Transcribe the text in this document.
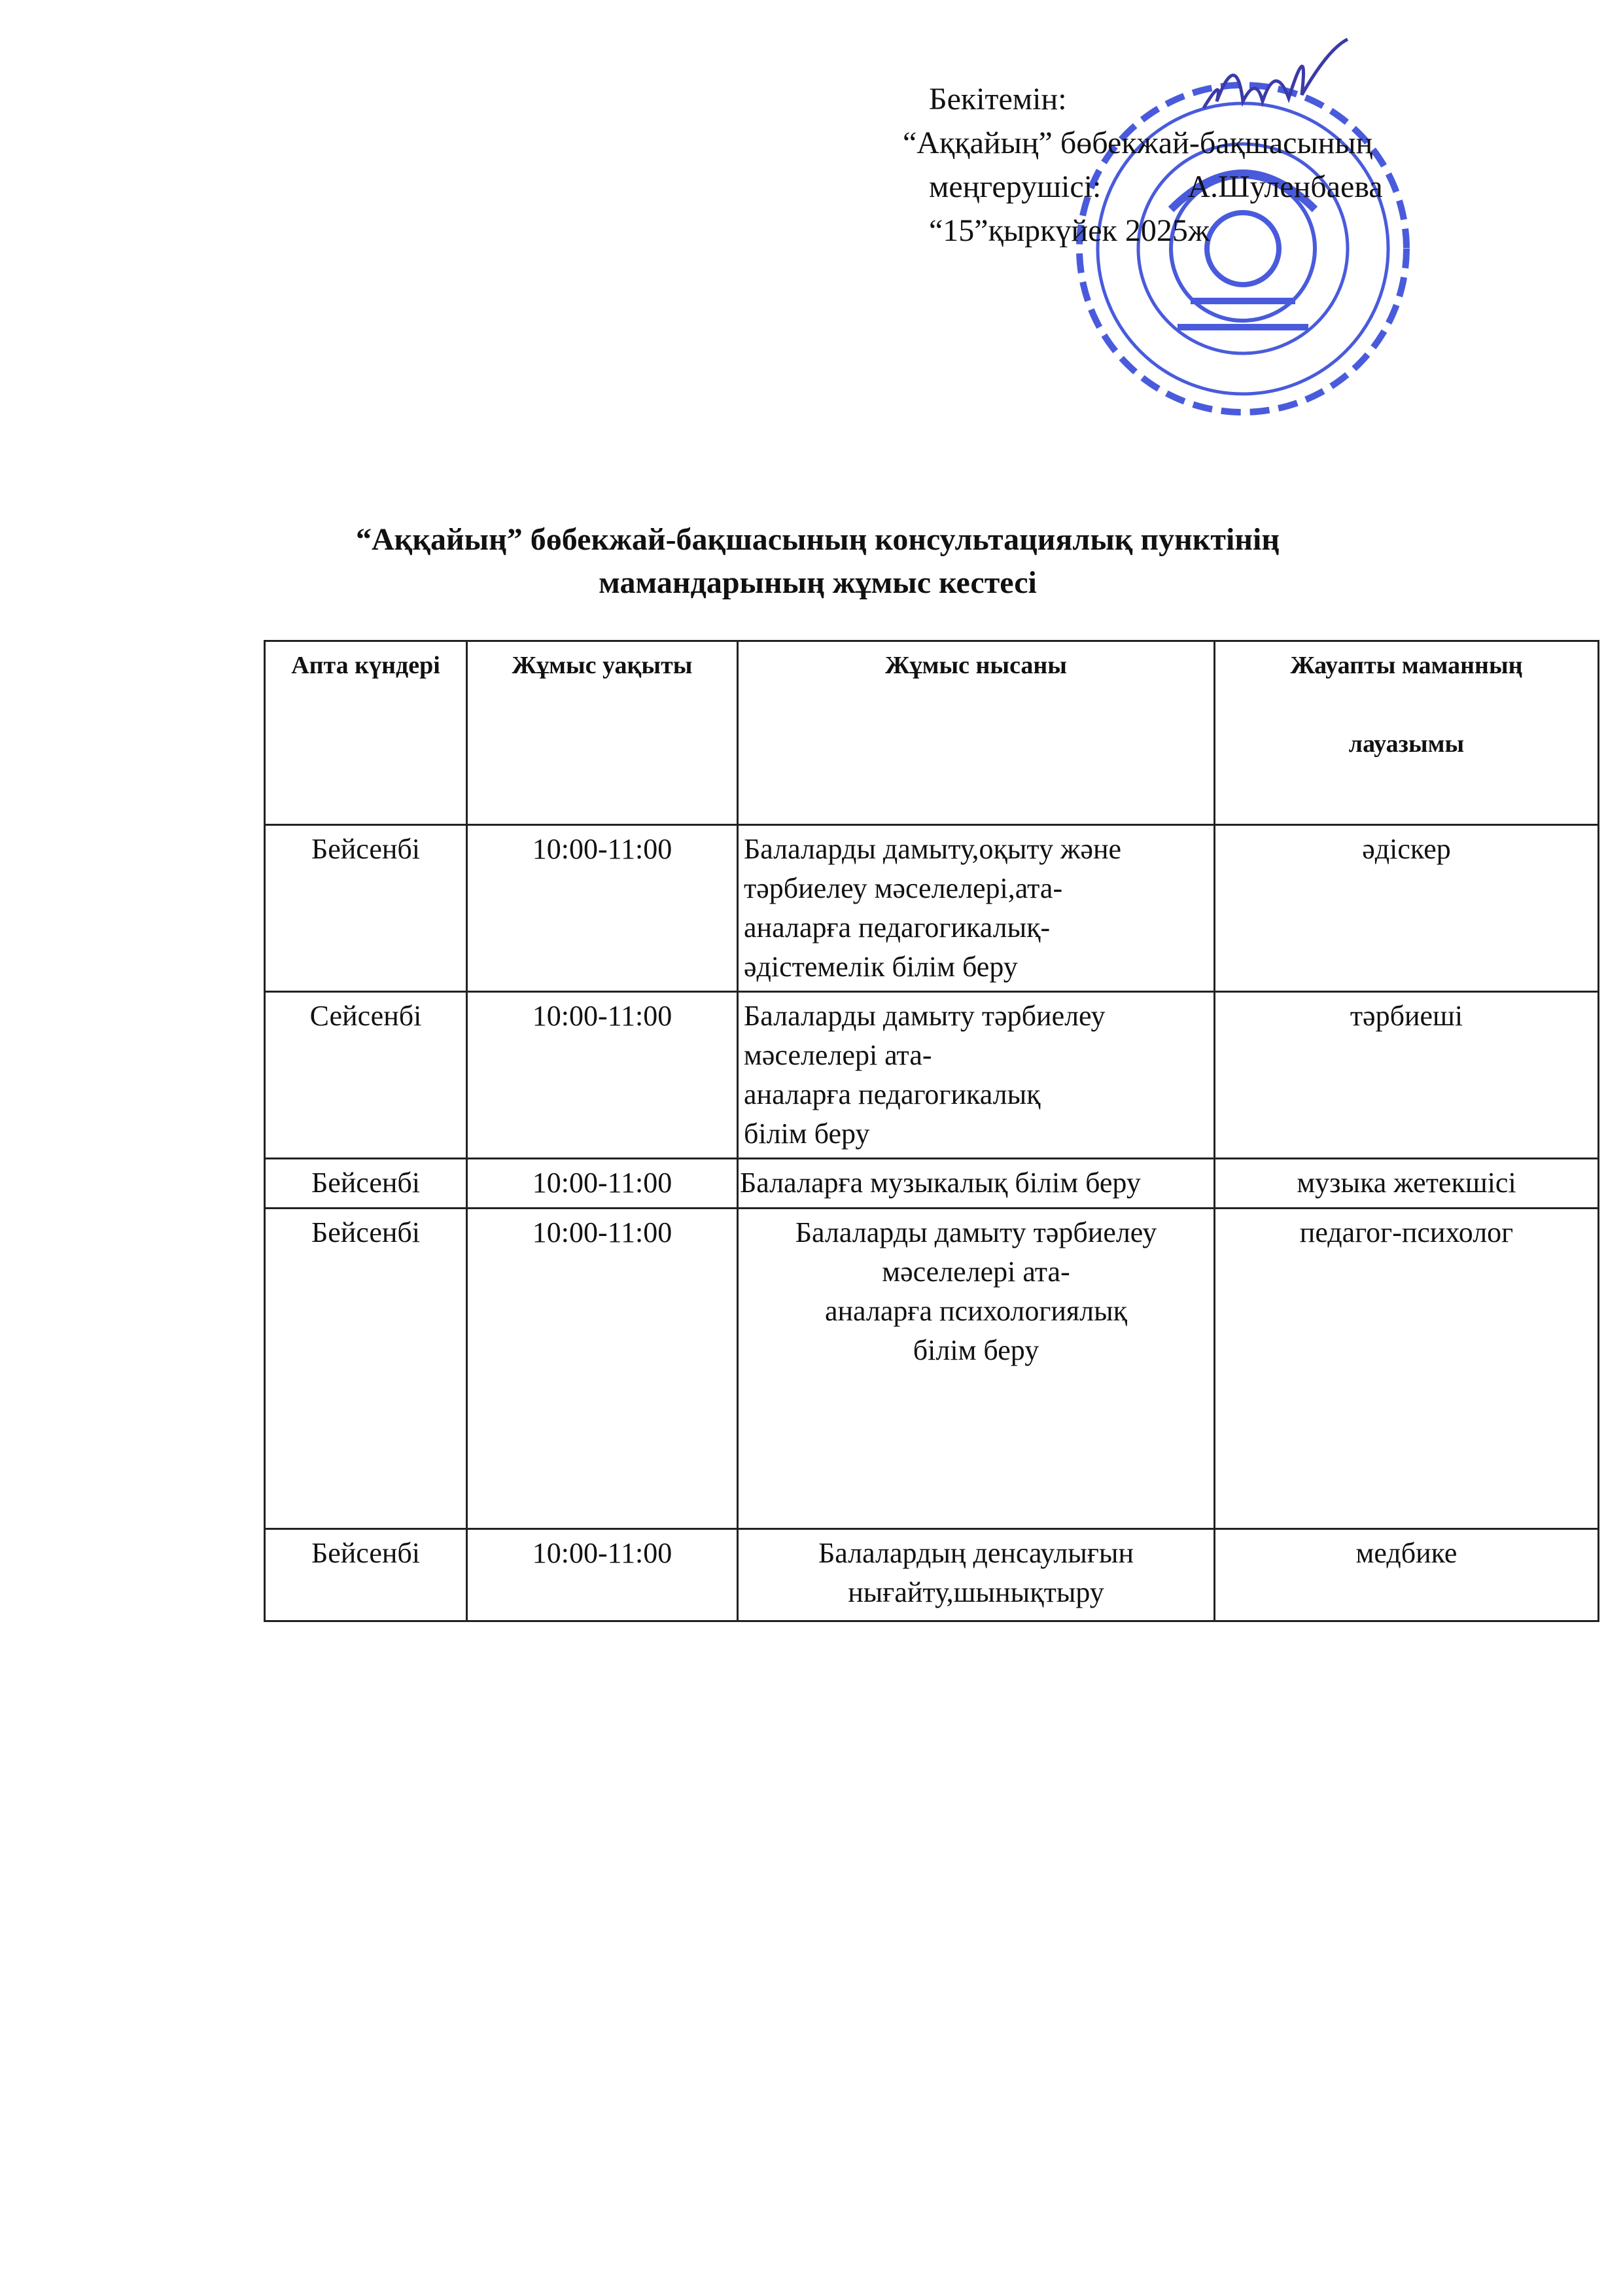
Бекітемін:
“Аққайың” бөбекжай-бақшасының
меңгерушісі:           А.Шуленбаева
“15”қыркүйек 2025ж
“Аққайың” бөбекжай-бақшасының консультациялық пунктінің
мамандарының жұмыс кестесі
Апта күндері	Жұмыс уақыты	Жұмыс нысаны	Жауапты маманның

лауазымы
Бейсенбі	10:00-11:00	Балаларды дамыту,оқыту және
тәрбиелеу мәселелері,ата-
аналарға педагогикалық-
әдістемелік білім беру	әдіскер
Сейсенбі	10:00-11:00	Балаларды дамыту тәрбиелеу
мәселелері ата-
аналарға педагогикалық
білім беру	тәрбиеші
Бейсенбі	10:00-11:00	Балаларға музыкалық білім беру	музыка жетекшісі
Бейсенбі	10:00-11:00	Балаларды дамыту тәрбиелеу
мәселелері ата-
аналарға психологиялық
білім беру	педагог-психолог
Бейсенбі	10:00-11:00	Балалардың денсаулығын
нығайту,шынықтыру	медбике
